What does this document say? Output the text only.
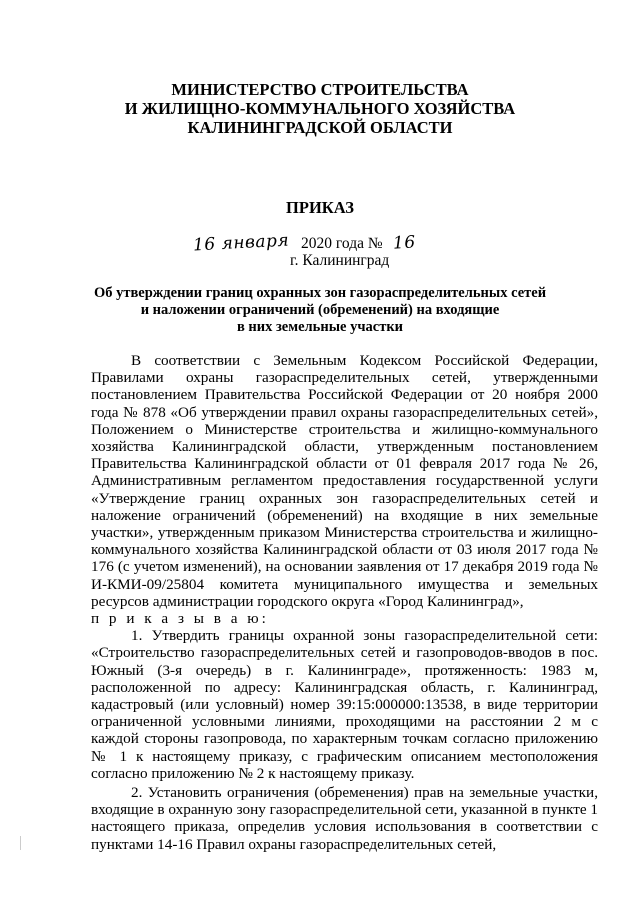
МИНИСТЕРСТВО СТРОИТЕЛЬСТВА
И ЖИЛИЩНО-КОММУНАЛЬНОГО ХОЗЯЙСТВА
КАЛИНИНГРАДСКОЙ ОБЛАСТИ
ПРИКАЗ
16 января 2020 года № 16
г. Калининград
Об утверждении границ охранных зон газораспределительных сетей
и наложении ограничений (обременений) на входящие
в них земельные участки

В соответствии с Земельным Кодексом Российской Федерации, Правилами охраны газораспределительных сетей, утвержденными постановлением Правительства Российской Федерации от 20 ноября 2000 года № 878 «Об утверждении правил охраны газораспределительных сетей», Положением о Министерстве строительства и жилищно-коммунального хозяйства Калининградской области, утвержденным постановлением Правительства Калининградской области от 01 февраля 2017 года № 26, Административным регламентом предоставления государственной услуги «Утверждение границ охранных зон газораспределительных сетей и наложение ограничений (обременений) на входящие в них земельные участки», утвержденным приказом Министерства строительства и жилищно-коммунального хозяйства Калининградской области от 03 июля 2017 года № 176 (с учетом изменений), на основании заявления от 17 декабря 2019 года № И-КМИ-09/25804 комитета муниципального имущества и земельных ресурсов администрации городского округа «Город Калининград»,

п р и к а з ы в а ю:

1. Утвердить границы охранной зоны газораспределительной сети: «Строительство газораспределительных сетей и газопроводов-вводов в пос. Южный (3-я очередь) в г. Калининграде», протяженность: 1983 м, расположенной по адресу: Калининградская область, г. Калининград, кадастровый (или условный) номер 39:15:000000:13538, в виде территории ограниченной условными линиями, проходящими на расстоянии 2 м с каждой стороны газопровода, по характерным точкам согласно приложению № 1 к настоящему приказу, с графическим описанием местоположения согласно приложению № 2 к настоящему приказу.

2. Установить ограничения (обременения) прав на земельные участки, входящие в охранную зону газораспределительной сети, указанной в пункте 1 настоящего приказа, определив условия использования в соответствии с пунктами 14-16 Правил охраны газораспределительных сетей,
